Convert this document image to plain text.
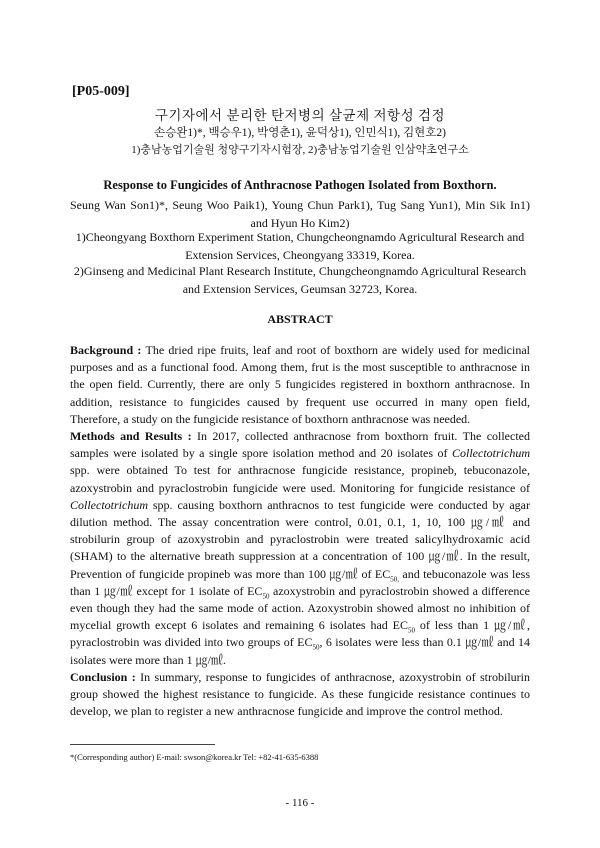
[P05-009]
구기자에서 분리한 탄저병의 살균제 저항성 검정
손승완1)*, 백승우1), 박영춘1), 윤덕상1), 인민식1), 김현호2)
1)충남농업기술원 청양구기자시험장, 2)충남농업기술원 인삼약초연구소
Response to Fungicides of Anthracnose Pathogen Isolated from Boxthorn.
Seung Wan Son1)*, Seung Woo Paik1), Young Chun Park1), Tug Sang Yun1), Min Sik In1) and Hyun Ho Kim2)
1)Cheongyang Boxthorn Experiment Station, Chungcheongnamdo Agricultural Research and Extension Services, Cheongyang 33319, Korea.
2)Ginseng and Medicinal Plant Research Institute, Chungcheongnamdo Agricultural Research and Extension Services, Geumsan 32723, Korea.
ABSTRACT

Background : The dried ripe fruits, leaf and root of boxthorn are widely used for medicinal purposes and as a functional food. Among them, frut is the most susceptible to anthracnose in the open field. Currently, there are only 5 fungicides registered in boxthorn anthracnose. In addition, resistance to fungicides caused by frequent use occurred in many open field, Therefore, a study on the fungicide resistance of boxthorn anthracnose was needed.

Methods and Results : In 2017, collected anthracnose from boxthorn fruit. The collected samples were isolated by a single spore isolation method and 20 isolates of Collectotrichum spp. were obtained To test for anthracnose fungicide resistance, propineb, tebuconazole, azoxystrobin and pyraclostrobin fungicide were used. Monitoring for fungicide resistance of Collectotrichum spp. causing boxthorn anthracnos to test fungicide were conducted by agar dilution method. The assay concentration were control, 0.01, 0.1, 1, 10, 100 ㎍/㎖ and strobilurin group of azoxystrobin and pyraclostrobin were treated salicylhydroxamic acid (SHAM) to the alternative breath suppression at a concentration of 100 ㎍/㎖. In the result, Prevention of fungicide propineb was more than 100 ㎍/㎖ of $EC_{50,}$ and tebuconazole was less than 1 ㎍/㎖ except for 1 isolate of $EC_{50}$ azoxystrobin and pyraclostrobin showed a difference even though they had the same mode of action. Azoxystrobin showed almost no inhibition of mycelial growth except 6 isolates and remaining 6 isolates had $EC_{50}$ of less than 1 ㎍/㎖, pyraclostrobin was divided into two groups of $EC_{50}$, 6 isolates were less than 0.1 ㎍/㎖ and 14 isolates were more than 1 ㎍/㎖.

Conclusion : In summary, response to fungicides of anthracnose, azoxystrobin of strobilurin group showed the highest resistance to fungicide. As these fungicide resistance continues to develop, we plan to register a new anthracnose fungicide and improve the control method.

*(Corresponding author) E-mail: swson@korea.kr Tel: +82-41-635-6388
- 116 -
